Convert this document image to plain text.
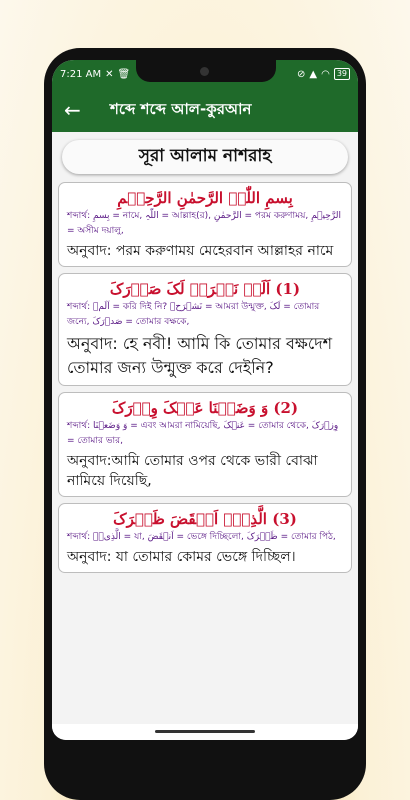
7:21 AM ✕ 🗑	⊘ ▲ ◠ 39
←	শব্দে শব্দে আল-কুরআন
সূরা আলাম নাশরাহ
بِسمِ اللّٰہِ الرَّحمٰنِ الرَّحِیۡمِ
শব্দার্থ: بِسمِ = নামে, اللّٰہِ = আল্লাহ(র), الرَّحمٰنِ = পরম করুণাময়, الرَّحِیۡمِ = অসীম দয়ালু,
অনুবাদ: পরম করুণাময় মেহেরবান আল্লাহর নামে
(1) اَلَمۡ نَشۡرَحۡ لَکَ صَدۡرَکَ
শব্দার্থ: اَلَمۡ = করি দিই নি? نَشۡرَحۡ = আমরা উন্মুক্ত, لَکَ = তোমার জন্যে, صَدۡرَکَ = তোমার বক্ষকে,
অনুবাদ: হে নবী! আমি কি তোমার বক্ষদেশ তোমার জন্য উন্মুক্ত করে দেইনি?
(2) وَ وَضَعۡنَا عَنۡکَ وِزۡرَکَ
শব্দার্থ: وَ وَضَعۡنَا = এবং আমরা নামিয়েছি, عَنۡکَ = তোমার থেকে, وِزۡرَکَ = তোমার ভার,
অনুবাদ:আমি তোমার ওপর থেকে ভারী বোঝা নামিয়ে দিয়েছি,
(3) الَّذِیۡۤ اَنۡقَضَ ظَہۡرَکَ
শব্দার্থ: الَّذِیۡۤ = যা, اَنۡقَضَ = ভেঙ্গে দিচ্ছিলো, ظَہۡرَکَ = তোমার পিঠ,
অনুবাদ: যা তোমার কোমর ভেঙ্গে দিচ্ছিল।
